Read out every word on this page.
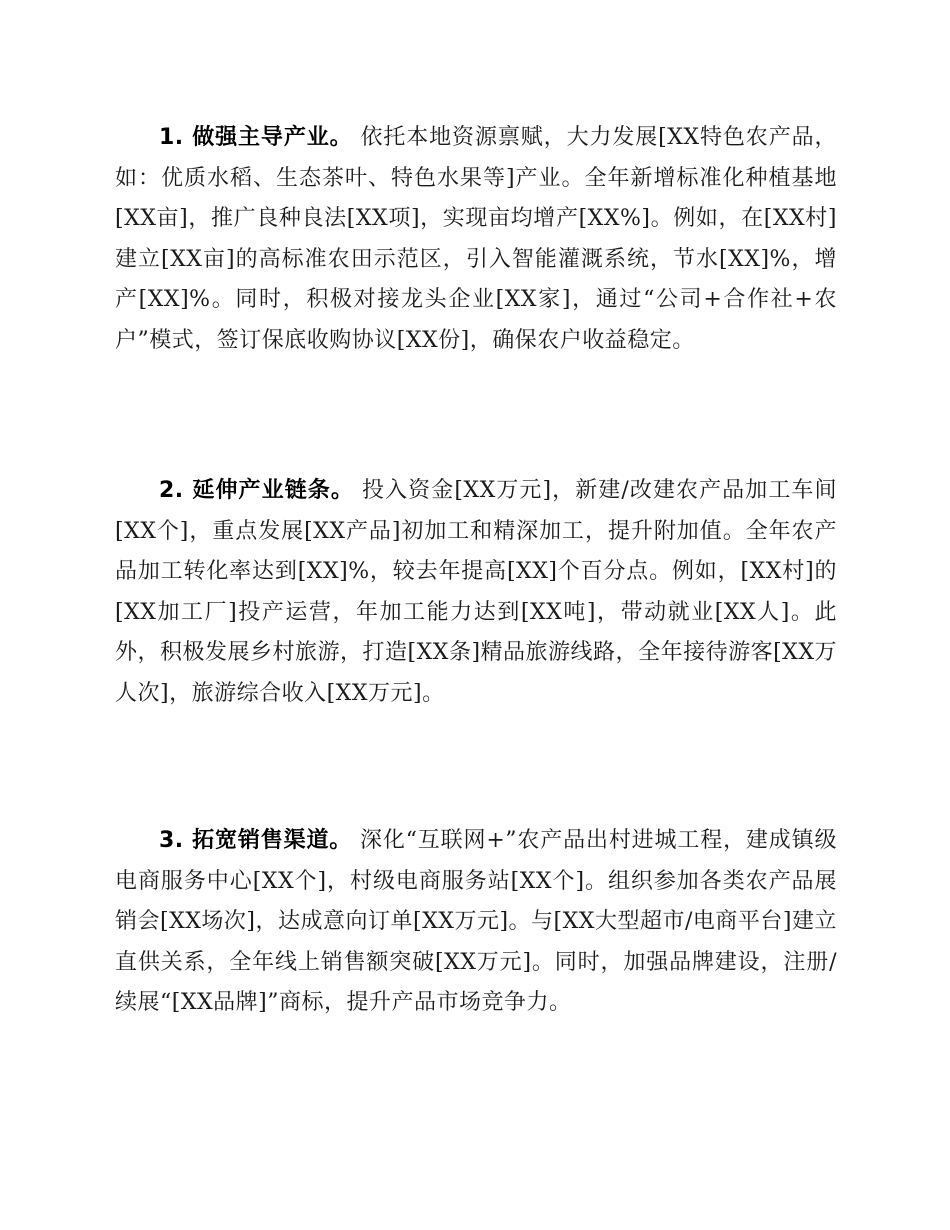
1. 做强主导产业。 依托本地资源禀赋，大力发展[XX特色农产品，如：优质水稻、生态茶叶、特色水果等]产业。全年新增标准化种植基地[XX亩]，推广良种良法[XX项]，实现亩均增产[XX%]。例如，在[XX村]建立[XX亩]的高标准农田示范区，引入智能灌溉系统，节水[XX]%，增产[XX]%。同时，积极对接龙头企业[XX家]，通过“公司+合作社+农户”模式，签订保底收购协议[XX份]，确保农户收益稳定。

2. 延伸产业链条。 投入资金[XX万元]，新建/改建农产品加工车间[XX个]，重点发展[XX产品]初加工和精深加工，提升附加值。全年农产品加工转化率达到[XX]%，较去年提高[XX]个百分点。例如，[XX村]的[XX加工厂]投产运营，年加工能力达到[XX吨]，带动就业[XX人]。此外，积极发展乡村旅游，打造[XX条]精品旅游线路，全年接待游客[XX万人次]，旅游综合收入[XX万元]。

3. 拓宽销售渠道。 深化“互联网+”农产品出村进城工程，建成镇级电商服务中心[XX个]，村级电商服务站[XX个]。组织参加各类农产品展销会[XX场次]，达成意向订单[XX万元]。与[XX大型超市/电商平台]建立直供关系，全年线上销售额突破[XX万元]。同时，加强品牌建设，注册/续展“[XX品牌]”商标，提升产品市场竞争力。
